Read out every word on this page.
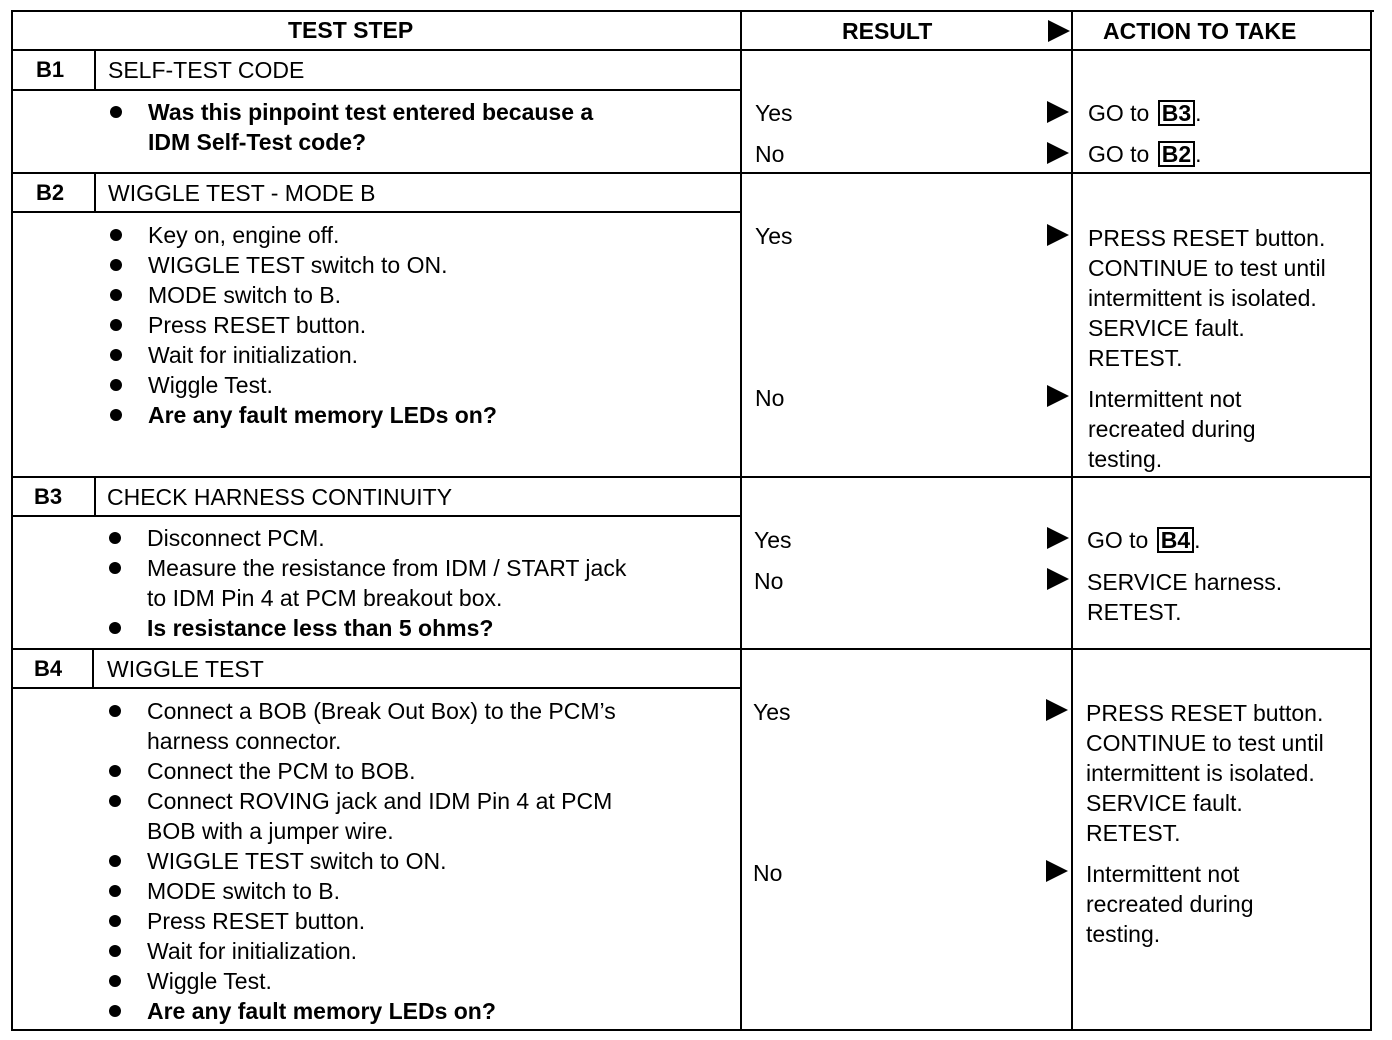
TEST STEP	RESULT	ACTION TO TAKE
B1 SELF-TEST CODE
Was this pinpoint test entered because a
IDM Self-Test code?
Yes	GO to B3 .
No	GO to B2 .
B2 WIGGLE TEST - MODE B
Key on, engine off.
WIGGLE TEST switch to ON.
MODE switch to B.
Press RESET button.
Wait for initialization.
Wiggle Test.
Are any fault memory LEDs on?
Yes	PRESS RESET button.
CONTINUE to test until
intermittent is isolated.
SERVICE fault.
RETEST.
No	Intermittent not
recreated during
testing.
B3 CHECK HARNESS CONTINUITY
Disconnect PCM.
Measure the resistance from IDM / START jack
to IDM Pin 4 at PCM breakout box.
Is resistance less than 5 ohms?
Yes	GO to B4 .
No	SERVICE harness.
RETEST.
B4 WIGGLE TEST
Connect a BOB (Break Out Box) to the PCM’s
harness connector.
Connect the PCM to BOB.
Connect ROVING jack and IDM Pin 4 at PCM
BOB with a jumper wire.
WIGGLE TEST switch to ON.
MODE switch to B.
Press RESET button.
Wait for initialization.
Wiggle Test.
Are any fault memory LEDs on?
Yes	PRESS RESET button.
CONTINUE to test until
intermittent is isolated.
SERVICE fault.
RETEST.
No	Intermittent not
recreated during
testing.
